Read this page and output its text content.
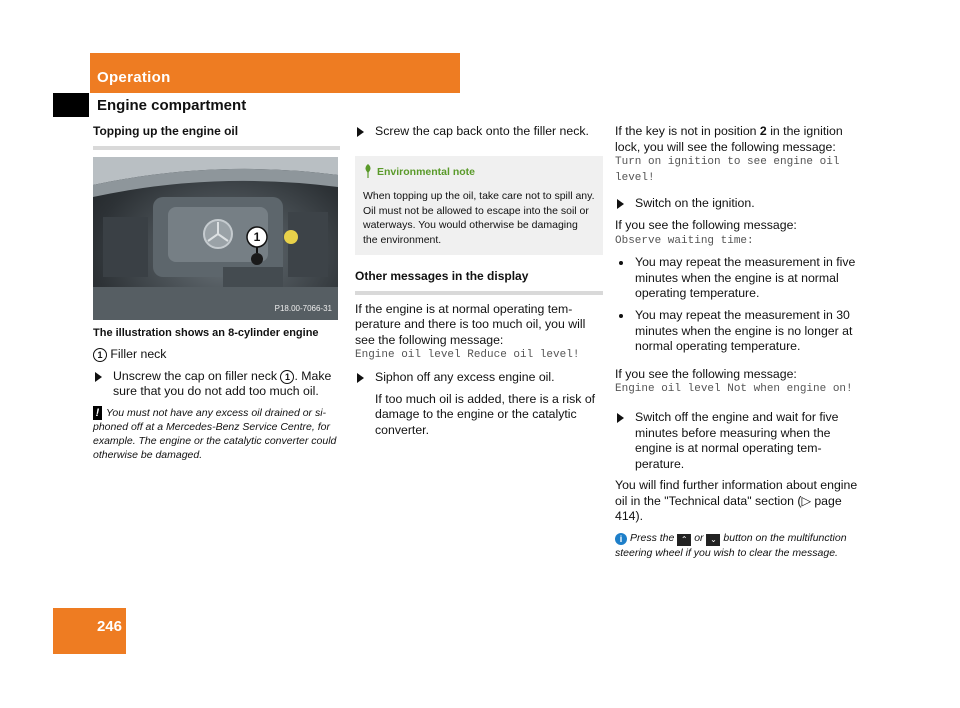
Operation
Engine compartment
Topping up the engine oil
1
P18.00-7066-31
The illustration shows an 8-cylinder engine

1 Filler neck

Unscrew the cap on filler neck 1 . Make sure that you do not add too much oil.
! You must not have any excess oil drained or siphoned off at a Mercedes-Benz Service Centre, for example. The engine or the catalytic converter could otherwise be damaged.
Screw the cap back onto the filler neck.
Environmental note
When topping up the oil, take care not to spill any. Oil must not be allowed to escape into the soil or waterways. You would otherwise be damaging the environment.
Other messages in the display

If the engine is at normal operating temperature and there is too much oil, you will see the following message:

Engine oil level Reduce oil level!

Siphon off any excess engine oil.

If too much oil is added, there is a risk of damage to the engine or the catalytic converter.

If the key is not in position 2 in the ignition lock, you will see the following message:

Turn on ignition to see engine oil level!

Switch on the ignition.

If you see the following message:

Observe waiting time:

You may repeat the measurement in five minutes when the engine is at normal operating temperature.
You may repeat the measurement in 30 minutes when the engine is no longer at normal operating temperature.

If you see the following message:

Engine oil level Not when engine on!

Switch off the engine and wait for five minutes before measuring when the engine is at normal operating temperature.

You will find further information about engine oil in the "Technical data" section (▷ page 414).

i Press the ⌃ or ⌄ button on the multifunction steering wheel if you wish to clear the message.
246
